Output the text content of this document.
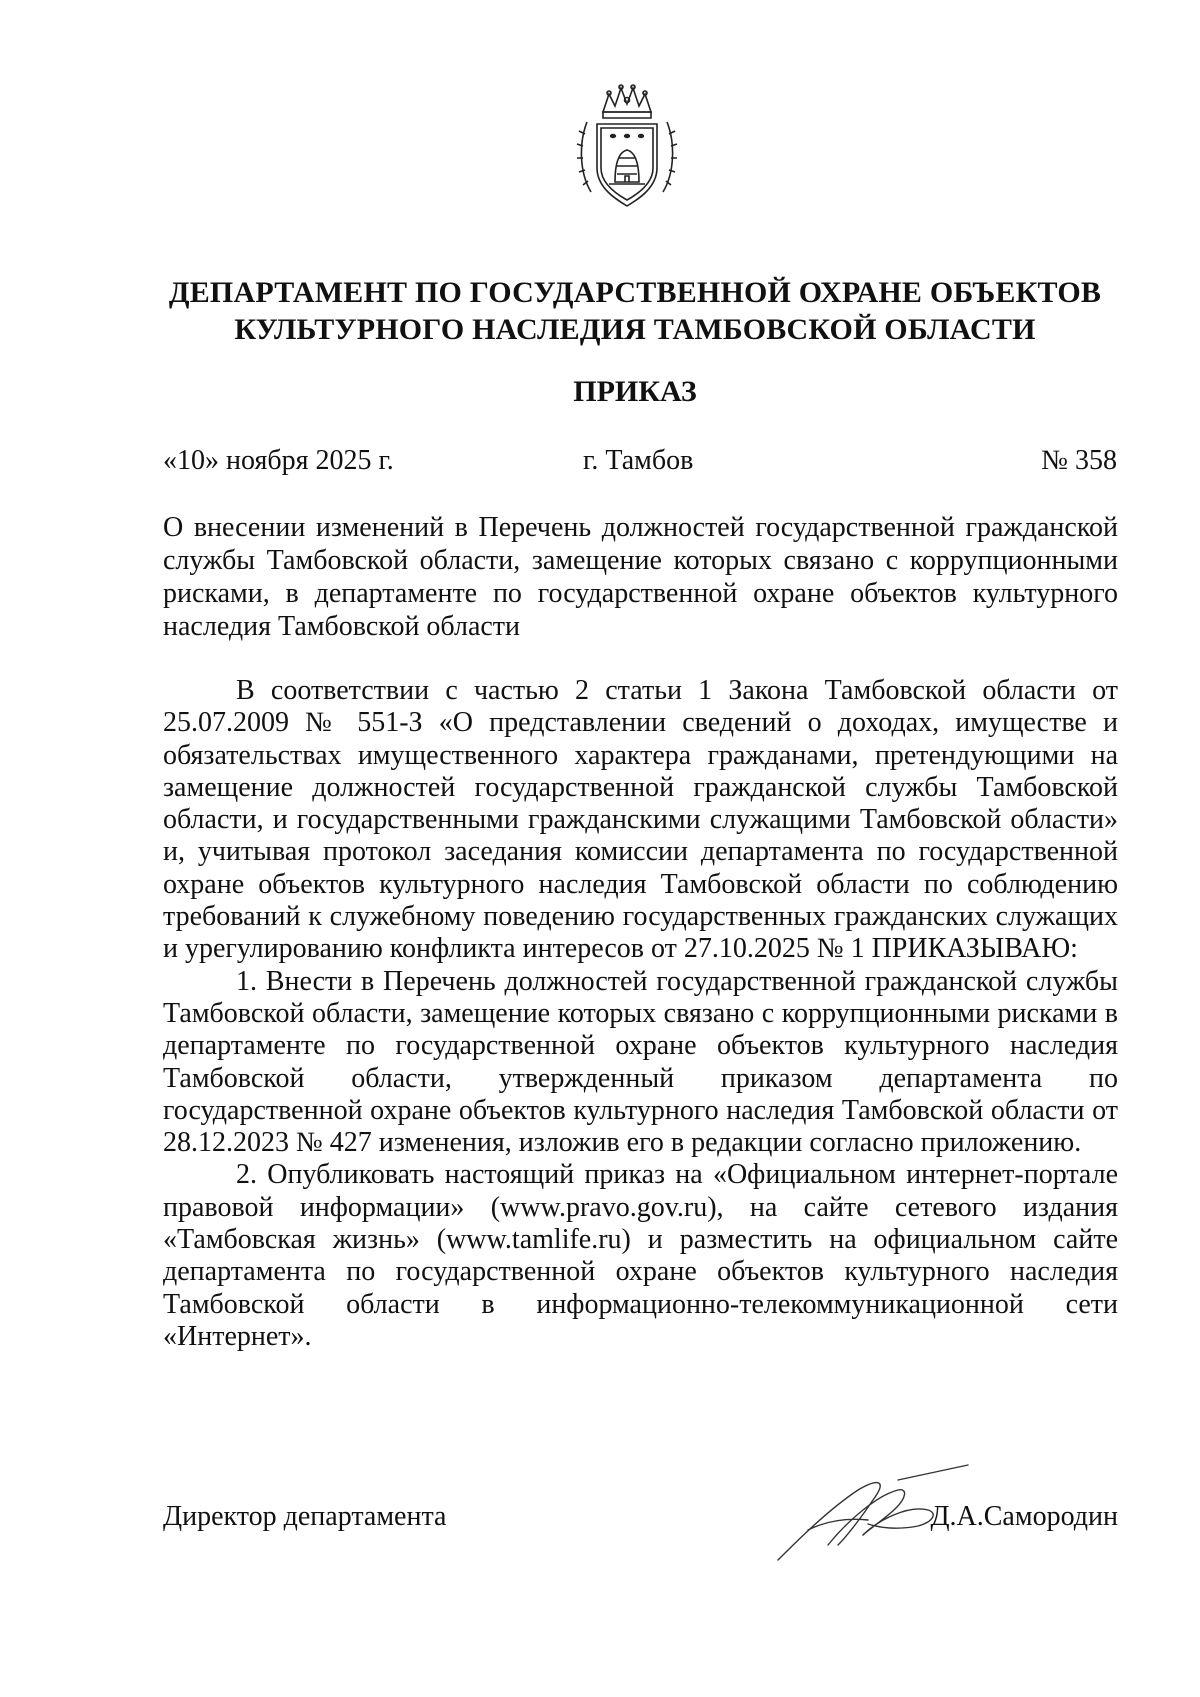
ДЕПАРТАМЕНТ ПО ГОСУДАРСТВЕННОЙ ОХРАНЕ ОБЪЕКТОВ КУЛЬТУРНОГО НАСЛЕДИЯ ТАМБОВСКОЙ ОБЛАСТИ
ПРИКАЗ
«10» ноября 2025 г.	г. Тамбов	№ 358
О внесении изменений в Перечень должностей государственной гражданской службы Тамбовской области, замещение которых связано с коррупционными рисками, в департаменте по государственной охране объектов культурного наследия Тамбовской области

В соответствии с частью 2 статьи 1 Закона Тамбовской области от 25.07.2009 № 551-З «О представлении сведений о доходах, имуществе и обязательствах имущественного характера гражданами, претендующими на замещение должностей государственной гражданской службы Тамбовской области, и государственными гражданскими служащими Тамбовской области» и, учитывая протокол заседания комиссии департамента по государственной охране объектов культурного наследия Тамбовской области по соблюдению требований к служебному поведению государственных гражданских служащих и урегулированию конфликта интересов от 27.10.2025 № 1 ПРИКАЗЫВАЮ:

1. Внести в Перечень должностей государственной гражданской службы Тамбовской области, замещение которых связано с коррупционными рисками в департаменте по государственной охране объектов культурного наследия Тамбовской области, утвержденный приказом департамента по государственной охране объектов культурного наследия Тамбовской области от 28.12.2023 № 427 изменения, изложив его в редакции согласно приложению.

2. Опубликовать настоящий приказ на «Официальном интернет-портале правовой информации» (www.pravo.gov.ru), на сайте сетевого издания «Тамбовская жизнь» (www.tamlife.ru) и разместить на официальном сайте департамента по государственной охране объектов культурного наследия Тамбовской области в информационно-телекоммуникационной сети «Интернет».

Директор департамента	Д.А.Самородин
